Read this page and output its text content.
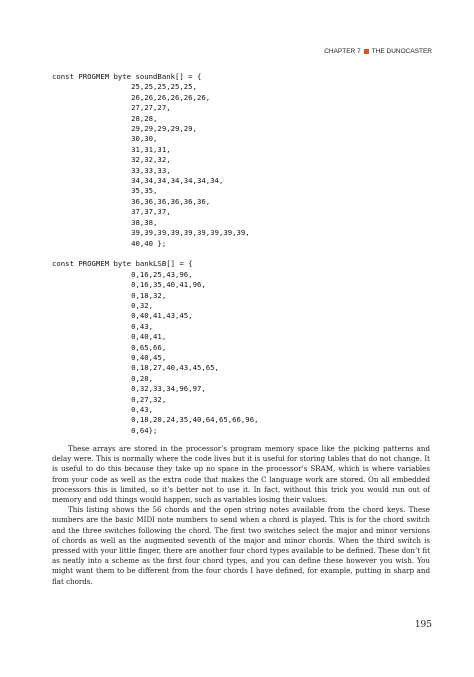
CHAPTER 7 THE DUNOCASTER
const PROGMEM byte soundBank[] = {
25,25,25,25,25,
26,26,26,26,26,26,
27,27,27,
28,28,
29,29,29,29,29,
30,30,
31,31,31,
32,32,32,
33,33,33,
34,34,34,34,34,34,34,
35,35,
36,36,36,36,36,36,
37,37,37,
38,38,
39,39,39,39,39,39,39,39,39,
40,40 };
const PROGMEM byte bankLSB[] = {
0,16,25,43,96,
0,16,35,40,41,96,
0,18,32,
0,32,
0,40,41,43,45,
0,43,
0,40,41,
0,65,66,
0,40,45,
0,18,27,40,43,45,65,
0,28,
0,32,33,34,96,97,
0,27,32,
0,43,
0,18,20,24,35,40,64,65,66,96,
0,64};

These arrays are stored in the processor’s program memory space like the picking patterns and delay were. This is normally where the code lives but it is useful for storing tables that do not change. It is useful to do this because they take up no space in the processor’s SRAM, which is where variables from your code as well as the extra code that makes the C language work are stored. On all embedded processors this is limited, so it’s better not to use it. In fact, without this trick you would run out of memory and odd things would happen, such as variables losing their values.

This listing shows the 56 chords and the open string notes available from the chord keys. These numbers are the basic MIDI note numbers to send when a chord is played. This is for the chord switch and the three switches following the chord. The first two switches select the major and minor versions of chords as well as the augmented seventh of the major and minor chords. When the third switch is pressed with your little finger, there are another four chord types available to be defined. These don’t fit as neatly into a scheme as the first four chord types, and you can define these however you wish. You might want them to be different from the four chords I have defined, for example, putting in sharp and flat chords.

195
